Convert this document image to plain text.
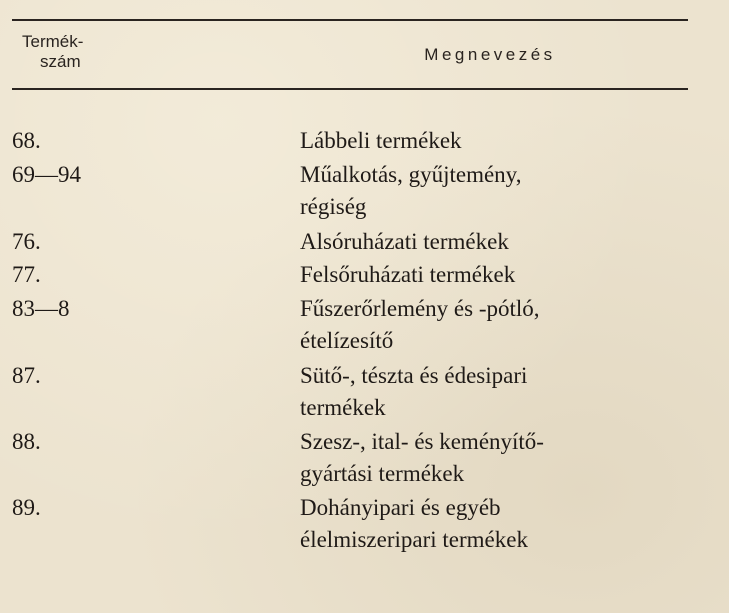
Termék-
szám	Megnevezés
68.	Lábbeli termékek
69—94	Műalkotás, gyűjtemény,
régiség
76.	Alsóruházati termékek
77.	Felsőruházati termékek
83—8	Fűszerőrlemény és -pótló,
ételízesítő
87.	Sütő-, tészta és édesipari
termékek
88.	Szesz-, ital- és keményítő-
gyártási termékek
89.	Dohányipari és egyéb
élelmiszeripari termékek
